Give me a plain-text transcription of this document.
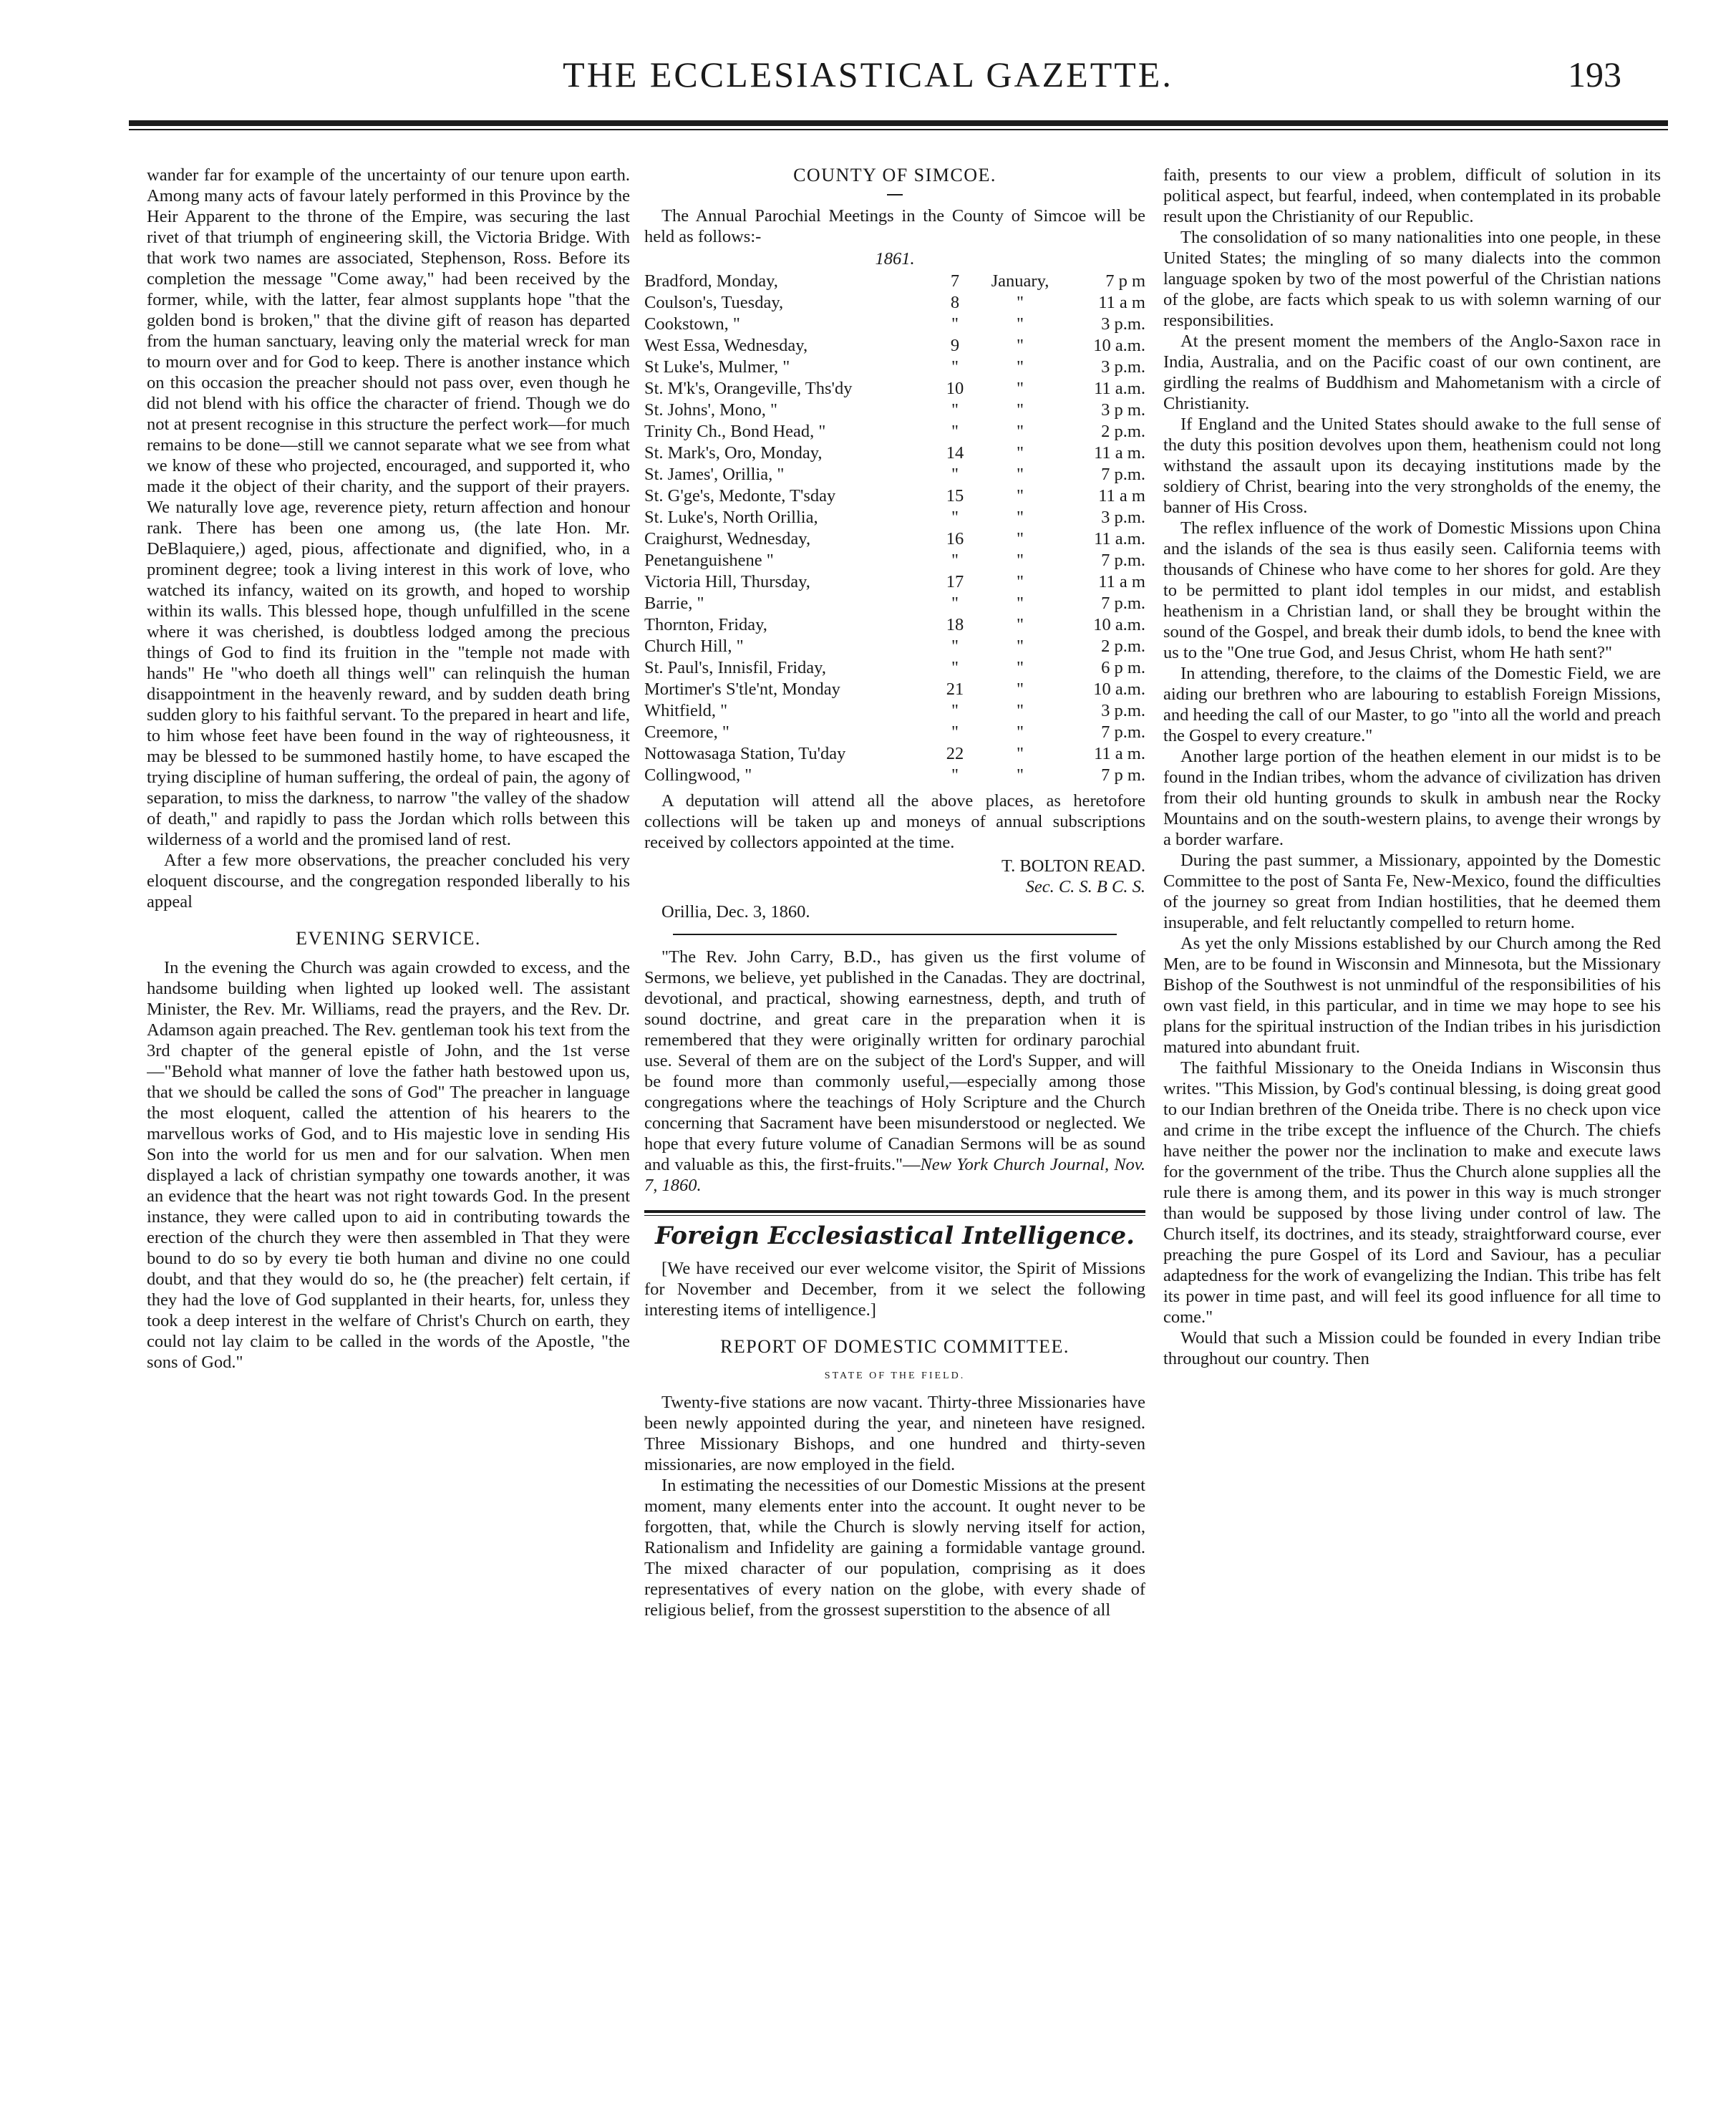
THE ECCLESIASTICAL GAZETTE.	193

wander far for example of the uncertainty of our tenure upon earth. Among many acts of favour lately performed in this Province by the Heir Apparent to the throne of the Empire, was securing the last rivet of that triumph of engineering skill, the Victoria Bridge. With that work two names are associated, Stephenson, Ross. Before its completion the message "Come away," had been received by the former, while, with the latter, fear almost supplants hope "that the golden bond is broken," that the divine gift of reason has departed from the human sanctuary, leaving only the material wreck for man to mourn over and for God to keep. There is another instance which on this occasion the preacher should not pass over, even though he did not blend with his office the character of friend. Though we do not at present recognise in this structure the perfect work—for much remains to be done—still we cannot separate what we see from what we know of these who projected, encouraged, and supported it, who made it the object of their charity, and the support of their prayers. We naturally love age, reverence piety, return affection and honour rank. There has been one among us, (the late Hon. Mr. DeBlaquiere,) aged, pious, affectionate and dignified, who, in a prominent degree; took a living interest in this work of love, who watched its infancy, waited on its growth, and hoped to worship within its walls. This blessed hope, though unfulfilled in the scene where it was cherished, is doubtless lodged among the precious things of God to find its fruition in the "temple not made with hands" He "who doeth all things well" can relinquish the human disappointment in the heavenly reward, and by sudden death bring sudden glory to his faithful servant. To the prepared in heart and life, to him whose feet have been found in the way of righteousness, it may be blessed to be summoned hastily home, to have escaped the trying discipline of human suffering, the ordeal of pain, the agony of separation, to miss the darkness, to narrow "the valley of the shadow of death," and rapidly to pass the Jordan which rolls between this wilderness of a world and the promised land of rest.

After a few more observations, the preacher concluded his very eloquent discourse, and the congregation responded liberally to his appeal

EVENING SERVICE.

In the evening the Church was again crowded to excess, and the handsome building when lighted up looked well. The assistant Minister, the Rev. Mr. Williams, read the prayers, and the Rev. Dr. Adamson again preached. The Rev. gentleman took his text from the 3rd chapter of the general epistle of John, and the 1st verse—"Behold what manner of love the father hath bestowed upon us, that we should be called the sons of God" The preacher in language the most eloquent, called the attention of his hearers to the marvellous works of God, and to His majestic love in sending His Son into the world for us men and for our salvation. When men displayed a lack of christian sympathy one towards another, it was an evidence that the heart was not right towards God. In the present instance, they were called upon to aid in contributing towards the erection of the church they were then assembled in That they were bound to do so by every tie both human and divine no one could doubt, and that they would do so, he (the preacher) felt certain, if they had the love of God supplanted in their hearts, for, unless they took a deep interest in the welfare of Christ's Church on earth, they could not lay claim to be called in the words of the Apostle, "the sons of God."

COUNTY OF SIMCOE.

The Annual Parochial Meetings in the County of Simcoe will be held as follows:-

1861.
Bradford, Monday,	7	January,	7 p m
Coulson's, Tuesday,	8	"	11 a m
Cookstown, "	"	"	3 p.m.
West Essa, Wednesday,	9	"	10 a.m.
St Luke's, Mulmer, "	"	"	3 p.m.
St. M'k's, Orangeville, Ths'dy	10	"	11 a.m.
St. Johns', Mono, "	"	"	3 p m.
Trinity Ch., Bond Head, "	"	"	2 p.m.
St. Mark's, Oro, Monday,	14	"	11 a m.
St. James', Orillia, "	"	"	7 p.m.
St. G'ge's, Medonte, T'sday	15	"	11 a m
St. Luke's, North Orillia,	"	"	3 p.m.
Craighurst, Wednesday,	16	"	11 a.m.
Penetanguishene "	"	"	7 p.m.
Victoria Hill, Thursday,	17	"	11 a m
Barrie, "	"	"	7 p.m.
Thornton, Friday,	18	"	10 a.m.
Church Hill, "	"	"	2 p.m.
St. Paul's, Innisfil, Friday,	"	"	6 p m.
Mortimer's S'tle'nt, Monday	21	"	10 a.m.
Whitfield, "	"	"	3 p.m.
Creemore, "	"	"	7 p.m.
Nottowasaga Station, Tu'day	22	"	11 a m.
Collingwood, "	"	"	7 p m.

A deputation will attend all the above places, as heretofore collections will be taken up and moneys of annual subscriptions received by collectors appointed at the time.

T. BOLTON READ.
Sec. C. S. B C. S.
Orillia, Dec. 3, 1860.

"The Rev. John Carry, B.D., has given us the first volume of Sermons, we believe, yet published in the Canadas. They are doctrinal, devotional, and practical, showing earnestness, depth, and truth of sound doctrine, and great care in the preparation when it is remembered that they were originally written for ordinary parochial use. Several of them are on the subject of the Lord's Supper, and will be found more than commonly useful,—especially among those congregations where the teachings of Holy Scripture and the Church concerning that Sacrament have been misunderstood or neglected. We hope that every future volume of Canadian Sermons will be as sound and valuable as this, the first-fruits."—New York Church Journal, Nov. 7, 1860.

Foreign Ecclesiastical Intelligence.

[We have received our ever welcome visitor, the Spirit of Missions for November and December, from it we select the following interesting items of intelligence.]

REPORT OF DOMESTIC COMMITTEE.
STATE OF THE FIELD.

Twenty-five stations are now vacant. Thirty-three Missionaries have been newly appointed during the year, and nineteen have resigned. Three Missionary Bishops, and one hundred and thirty-seven missionaries, are now employed in the field.

In estimating the necessities of our Domestic Missions at the present moment, many elements enter into the account. It ought never to be forgotten, that, while the Church is slowly nerving itself for action, Rationalism and Infidelity are gaining a formidable vantage ground. The mixed character of our population, comprising as it does representatives of every nation on the globe, with every shade of religious belief, from the grossest superstition to the absence of all

faith, presents to our view a problem, difficult of solution in its political aspect, but fearful, indeed, when contemplated in its probable result upon the Christianity of our Republic.

The consolidation of so many nationalities into one people, in these United States; the mingling of so many dialects into the common language spoken by two of the most powerful of the Christian nations of the globe, are facts which speak to us with solemn warning of our responsibilities.

At the present moment the members of the Anglo-Saxon race in India, Australia, and on the Pacific coast of our own continent, are girdling the realms of Buddhism and Mahometanism with a circle of Christianity.

If England and the United States should awake to the full sense of the duty this position devolves upon them, heathenism could not long withstand the assault upon its decaying institutions made by the soldiery of Christ, bearing into the very strongholds of the enemy, the banner of His Cross.

The reflex influence of the work of Domestic Missions upon China and the islands of the sea is thus easily seen. California teems with thousands of Chinese who have come to her shores for gold. Are they to be permitted to plant idol temples in our midst, and establish heathenism in a Christian land, or shall they be brought within the sound of the Gospel, and break their dumb idols, to bend the knee with us to the "One true God, and Jesus Christ, whom He hath sent?"

In attending, therefore, to the claims of the Domestic Field, we are aiding our brethren who are labouring to establish Foreign Missions, and heeding the call of our Master, to go "into all the world and preach the Gospel to every creature."

Another large portion of the heathen element in our midst is to be found in the Indian tribes, whom the advance of civilization has driven from their old hunting grounds to skulk in ambush near the Rocky Mountains and on the south-western plains, to avenge their wrongs by a border warfare.

During the past summer, a Missionary, appointed by the Domestic Committee to the post of Santa Fe, New-Mexico, found the difficulties of the journey so great from Indian hostilities, that he deemed them insuperable, and felt reluctantly compelled to return home.

As yet the only Missions established by our Church among the Red Men, are to be found in Wisconsin and Minnesota, but the Missionary Bishop of the Southwest is not unmindful of the responsibilities of his own vast field, in this particular, and in time we may hope to see his plans for the spiritual instruction of the Indian tribes in his jurisdiction matured into abundant fruit.

The faithful Missionary to the Oneida Indians in Wisconsin thus writes. "This Mission, by God's continual blessing, is doing great good to our Indian brethren of the Oneida tribe. There is no check upon vice and crime in the tribe except the influence of the Church. The chiefs have neither the power nor the inclination to make and execute laws for the government of the tribe. Thus the Church alone supplies all the rule there is among them, and its power in this way is much stronger than would be supposed by those living under control of law. The Church itself, its doctrines, and its steady, straightforward course, ever preaching the pure Gospel of its Lord and Saviour, has a peculiar adaptedness for the work of evangelizing the Indian. This tribe has felt its power in time past, and will feel its good influence for all time to come."

Would that such a Mission could be founded in every Indian tribe throughout our country. Then
